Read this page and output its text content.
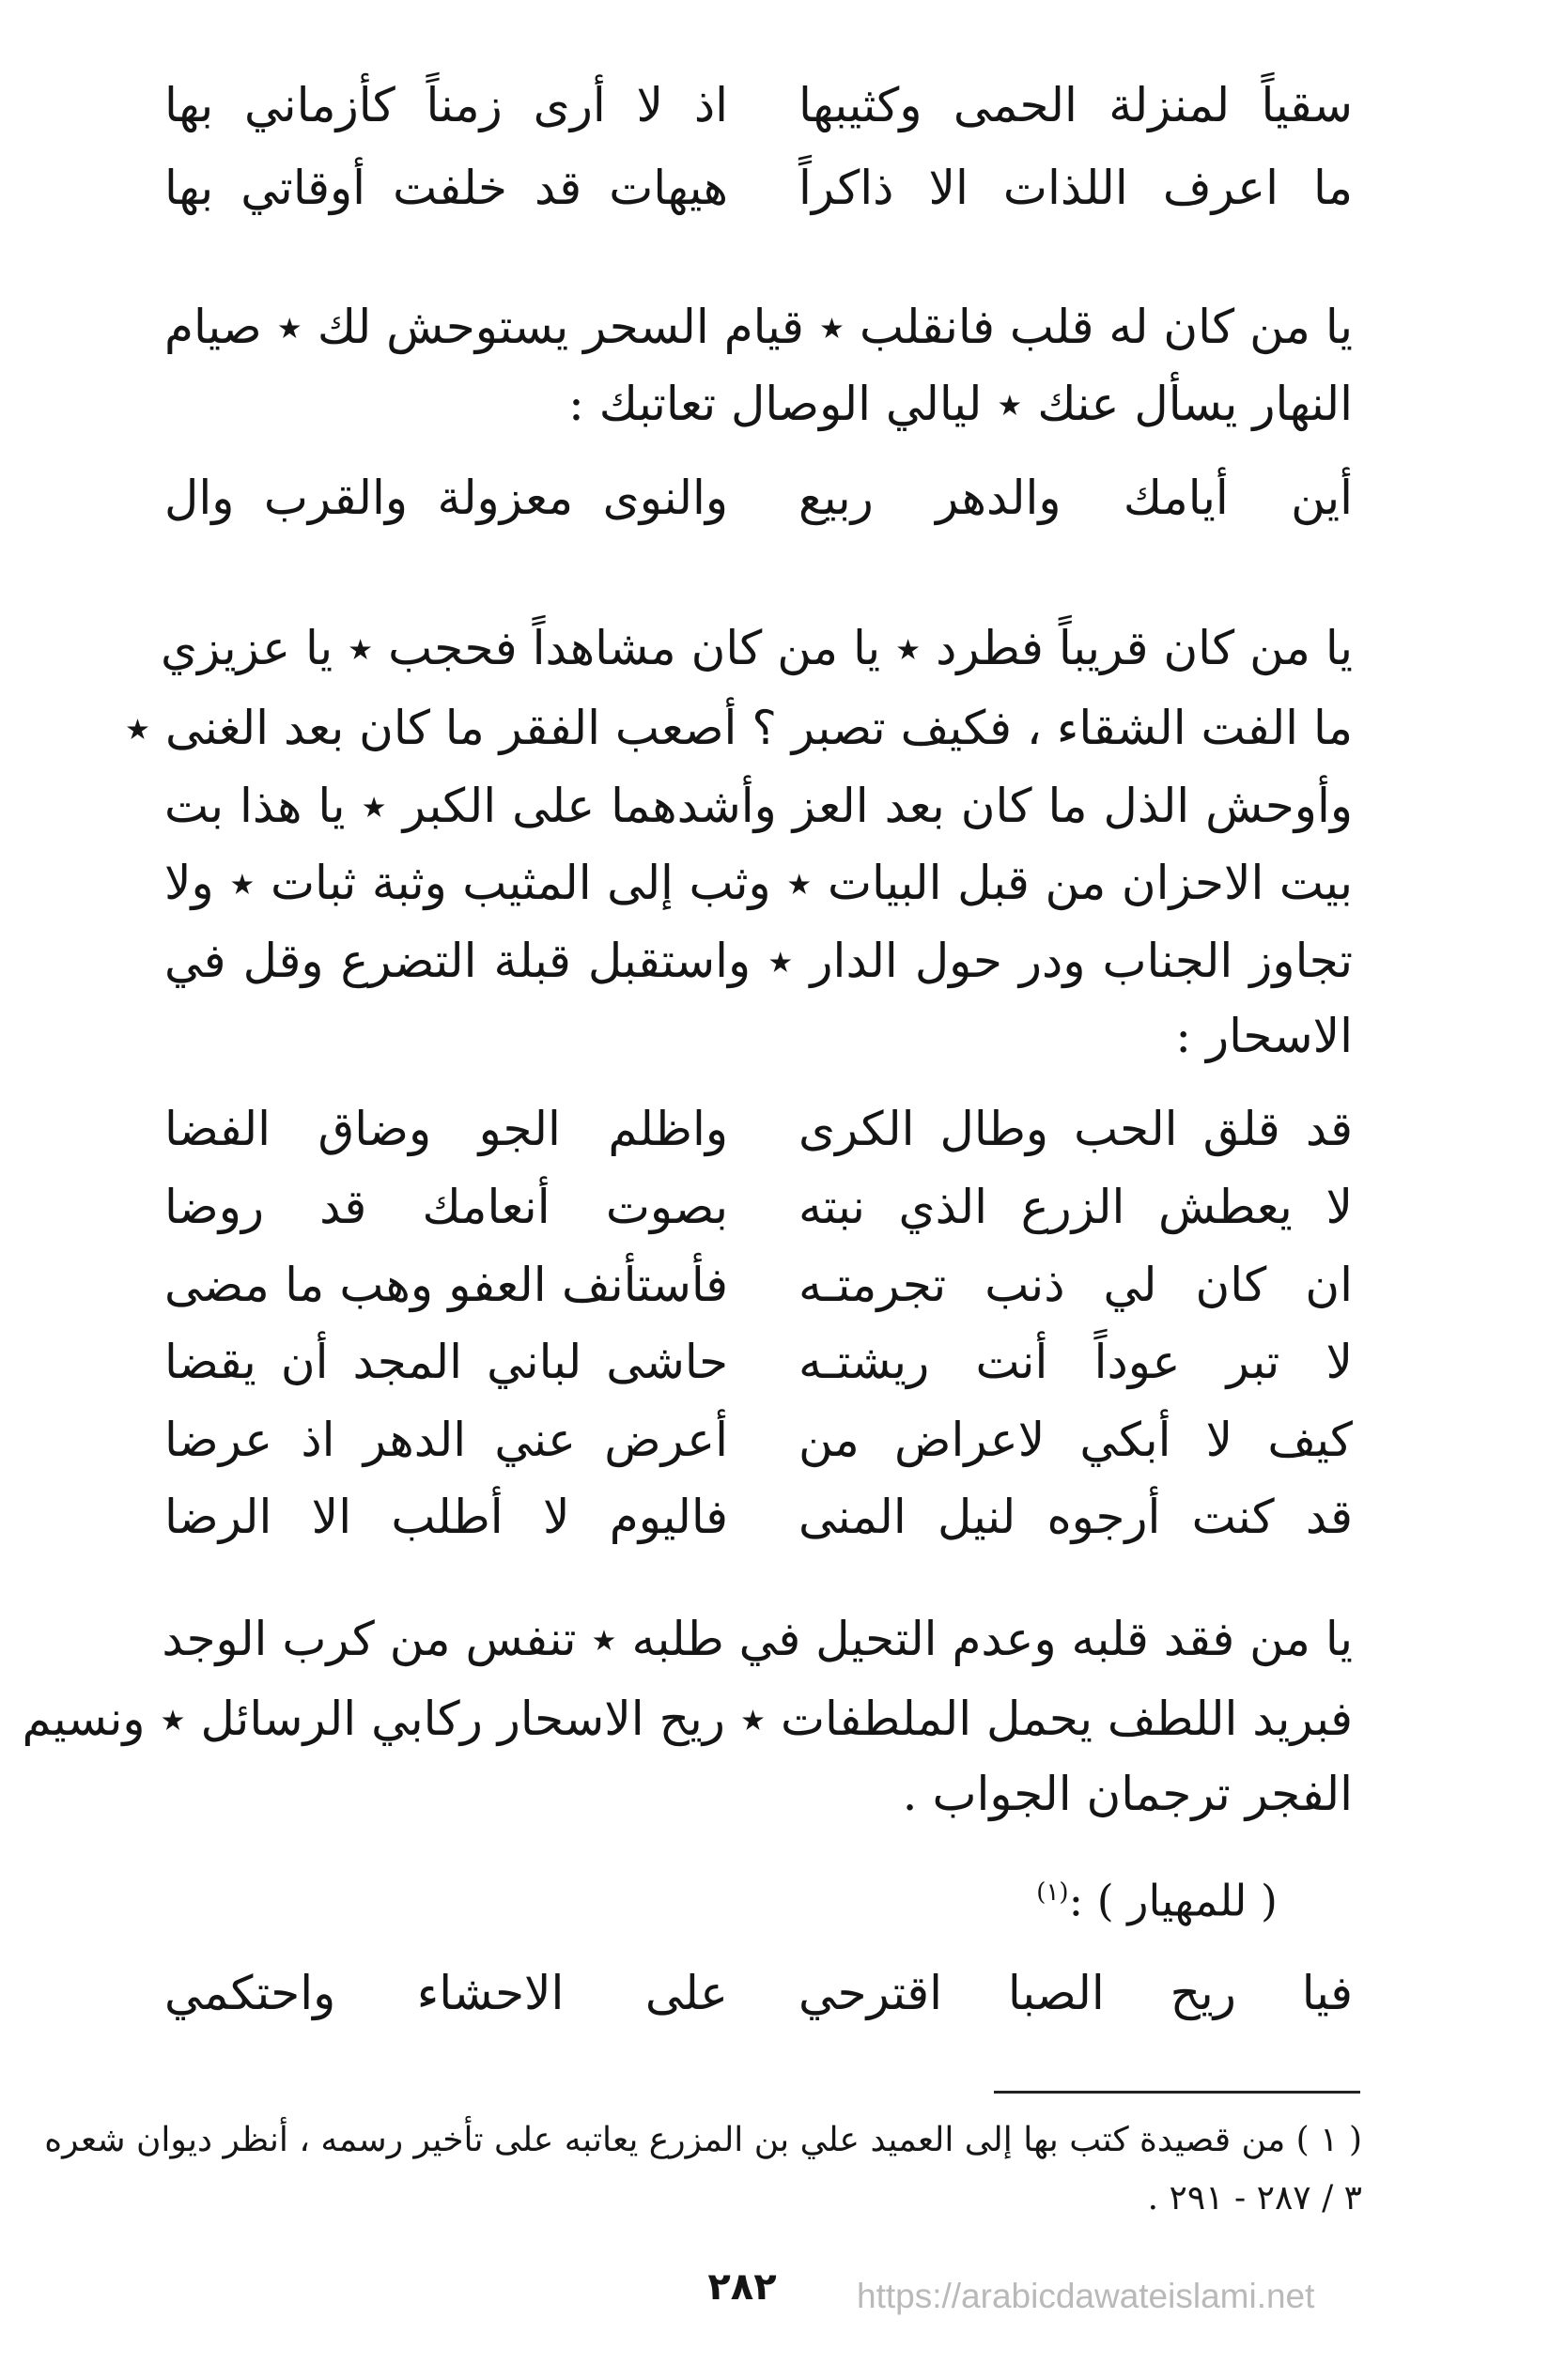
سقياً لمنزلة الحمى وكثيبها
اذ لا أرى زمناً كأزماني بها
ما اعرف اللذات الا ذاكراً
هيهات قد خلفت أوقاتي بها
يا من كان له قلب فانقلب ٭ قيام السحر يستوحش لك ٭ صيام
النهار يسأل عنك ٭ ليالي الوصال تعاتبك :
أين أيامك والدهر ربيع
والنوى معزولة والقرب وال
يا من كان قريباً فطرد ٭ يا من كان مشاهداً فحجب ٭ يا عزيزي
ما الفت الشقاء ، فكيف تصبر ؟ أصعب الفقر ما كان بعد الغنى ٭
وأوحش الذل ما كان بعد العز وأشدهما على الكبر ٭ يا هذا بت
بيت الاحزان من قبل البيات ٭ وثب إلى المثيب وثبة ثبات ٭ ولا
تجاوز الجناب ودر حول الدار ٭ واستقبل قبلة التضرع وقل في
الاسحار :
قد قلق الحب وطال الكرى
واظلم الجو وضاق الفضا
لا يعطش الزرع الذي نبته
بصوت أنعامك قد روضا
ان كان لي ذنب تجرمتـه
فأستأنف العفو وهب ما مضى
لا تبر عوداً أنت ريشتـه
حاشى لباني المجد أن يقضا
كيف لا أبكي لاعراض من
أعرض عني الدهر اذ عرضا
قد كنت أرجوه لنيل المنى
فاليوم لا أطلب الا الرضا
يا من فقد قلبه وعدم التحيل في طلبه ٭ تنفس من كرب الوجد
فبريد اللطف يحمل الملطفات ٭ ريح الاسحار ركابي الرسائل ٭ ونسيم
الفجر ترجمان الجواب .
( للمهيار ) :$^{(١)}$
فيا ريح الصبا اقترحي
على الاحشاء واحتكمي
( ١ ) من قصيدة كتب بها إلى العميد علي بن المزرع يعاتبه على تأخير رسمه ، أنظر ديوان شعره
٣ / ٢٨٧ - ٢٩١ .
٢٨٢	https://arabicdawateislami.net
